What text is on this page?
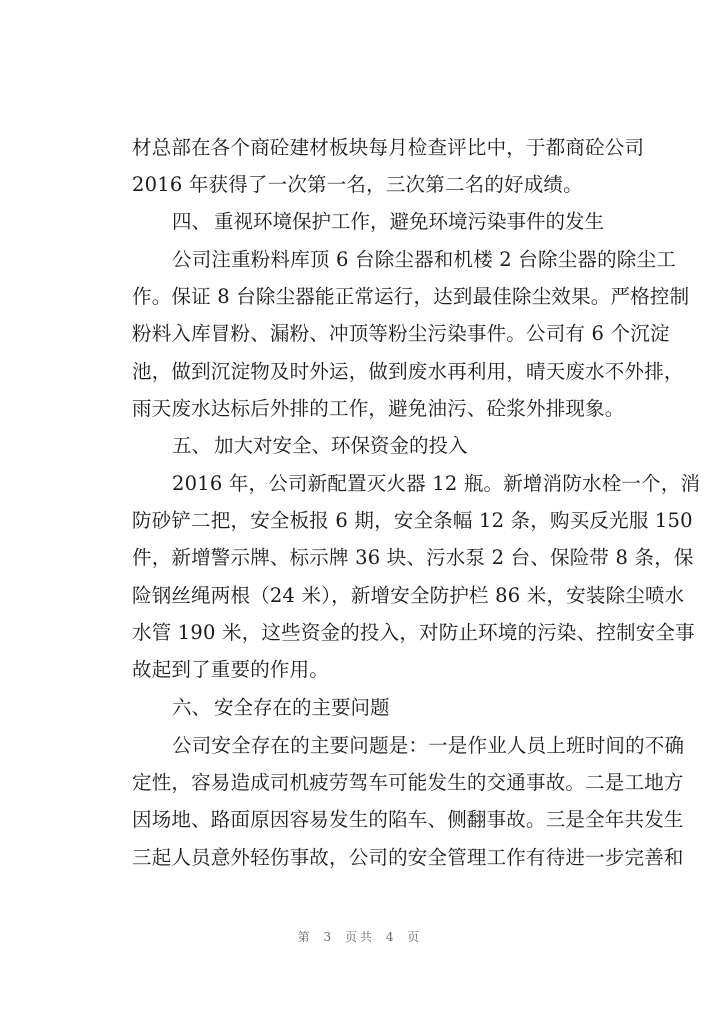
材总部在各个商砼建材板块每月检查评比中，于都商砼公司
2016 年获得了一次第一名，三次第二名的好成绩。
四、 重视环境保护工作，避免环境污染事件的发生
公司注重粉料库顶 6 台除尘器和机楼 2 台除尘器的除尘工
作。保证 8 台除尘器能正常运行，达到最佳除尘效果。严格控制
粉料入库冒粉、漏粉、冲顶等粉尘污染事件。公司有 6 个沉淀
池，做到沉淀物及时外运，做到废水再利用，晴天废水不外排，
雨天废水达标后外排的工作，避免油污、砼浆外排现象。
五、 加大对安全、环保资金的投入
2016 年，公司新配置灭火器 12 瓶。新增消防水栓一个，消
防砂铲二把，安全板报 6 期，安全条幅 12 条，购买反光服 150
件，新增警示牌、标示牌 36 块、污水泵 2 台、保险带 8 条，保
险钢丝绳两根（24 米），新增安全防护栏 86 米，安装除尘喷水
水管 190 米，这些资金的投入，对防止环境的污染、控制安全事
故起到了重要的作用。
六、 安全存在的主要问题
公司安全存在的主要问题是：一是作业人员上班时间的不确
定性，容易造成司机疲劳驾车可能发生的交通事故。二是工地方
因场地、路面原因容易发生的陷车、侧翻事故。三是全年共发生
三起人员意外轻伤事故，公司的安全管理工作有待进一步完善和
第 3 页共 4 页
